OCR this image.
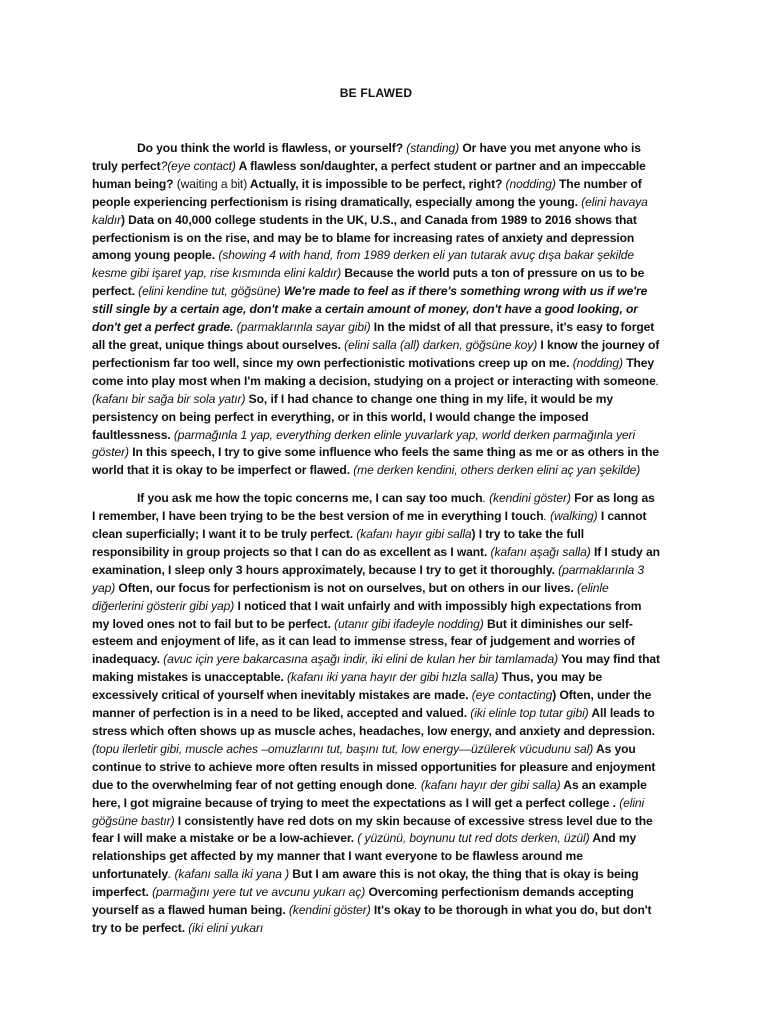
BE FLAWED

Do you think the world is flawless, or yourself? (standing) Or have you met anyone who is truly perfect?(eye contact) A flawless son/daughter, a perfect student or partner and an impeccable human being? (waiting a bit) Actually, it is impossible to be perfect, right? (nodding) The number of people experiencing perfectionism is rising dramatically, especially among the young. (elini havaya kaldır) Data on 40,000 college students in the UK, U.S., and Canada from 1989 to 2016 shows that perfectionism is on the rise, and may be to blame for increasing rates of anxiety and depression among young people. (showing 4 with hand, from 1989 derken eli yan tutarak avuç dışa bakar şekilde kesme gibi işaret yap, rise kısmında elini kaldır) Because the world puts a ton of pressure on us to be perfect. (elini kendine tut, göğsüne) We're made to feel as if there's something wrong with us if we're still single by a certain age, don't make a certain amount of money, don't have a good looking, or don't get a perfect grade. (parmaklarınla sayar gibi) In the midst of all that pressure, it's easy to forget all the great, unique things about ourselves. (elini salla (all) darken, göğsüne koy) I know the journey of perfectionism far too well, since my own perfectionistic motivations creep up on me. (nodding) They come into play most when I'm making a decision, studying on a project or interacting with someone. (kafanı bir sağa bir sola yatır) So, if I had chance to change one thing in my life, it would be my persistency on being perfect in everything, or in this world, I would change the imposed faultlessness. (parmağınla 1 yap, everything derken elinle yuvarlark yap, world derken parmağınla yeri göster) In this speech, I try to give some influence who feels the same thing as me or as others in the world that it is okay to be imperfect or flawed. (me derken kendini, others derken elini aç yan şekilde)

If you ask me how the topic concerns me, I can say too much. (kendini göster) For as long as I remember, I have been trying to be the best version of me in everything I touch. (walking) I cannot clean superficially; I want it to be truly perfect. (kafanı hayır gibi salla) I try to take the full responsibility in group projects so that I can do as excellent as I want. (kafanı aşağı salla) If I study an examination, I sleep only 3 hours approximately, because I try to get it thoroughly. (parmaklarınla 3 yap) Often, our focus for perfectionism is not on ourselves, but on others in our lives. (elinle diğerlerini gösterir gibi yap) I noticed that I wait unfairly and with impossibly high expectations from my loved ones not to fail but to be perfect. (utanır gibi ifadeyle nodding) But it diminishes our self-esteem and enjoyment of life, as it can lead to immense stress, fear of judgement and worries of inadequacy. (avuc için yere bakarcasına aşağı indir, iki elini de kulan her bir tamlamada) You may find that making mistakes is unacceptable. (kafanı iki yana hayır der gibi hızla salla) Thus, you may be excessively critical of yourself when inevitably mistakes are made. (eye contacting) Often, under the manner of perfection is in a need to be liked, accepted and valued. (iki elinle top tutar gibi) All leads to stress which often shows up as muscle aches, headaches, low energy, and anxiety and depression. (topu ilerletir gibi, muscle aches –omuzlarını tut, başını tut, low energy—üzülerek vücudunu sal) As you continue to strive to achieve more often results in missed opportunities for pleasure and enjoyment due to the overwhelming fear of not getting enough done. (kafanı hayır der gibi salla) As an example here, I got migraine because of trying to meet the expectations as I will get a perfect college . (elini göğsüne bastır) I consistently have red dots on my skin because of excessive stress level due to the fear I will make a mistake or be a low-achiever. ( yüzünü, boynunu tut red dots derken, üzül) And my relationships get affected by my manner that I want everyone to be flawless around me unfortunately. (kafanı salla iki yana ) But I am aware this is not okay, the thing that is okay is being imperfect. (parmağını yere tut ve avcunu yukarı aç) Overcoming perfectionism demands accepting yourself as a flawed human being. (kendini göster) It's okay to be thorough in what you do, but don't try to be perfect. (iki elini yukarı
